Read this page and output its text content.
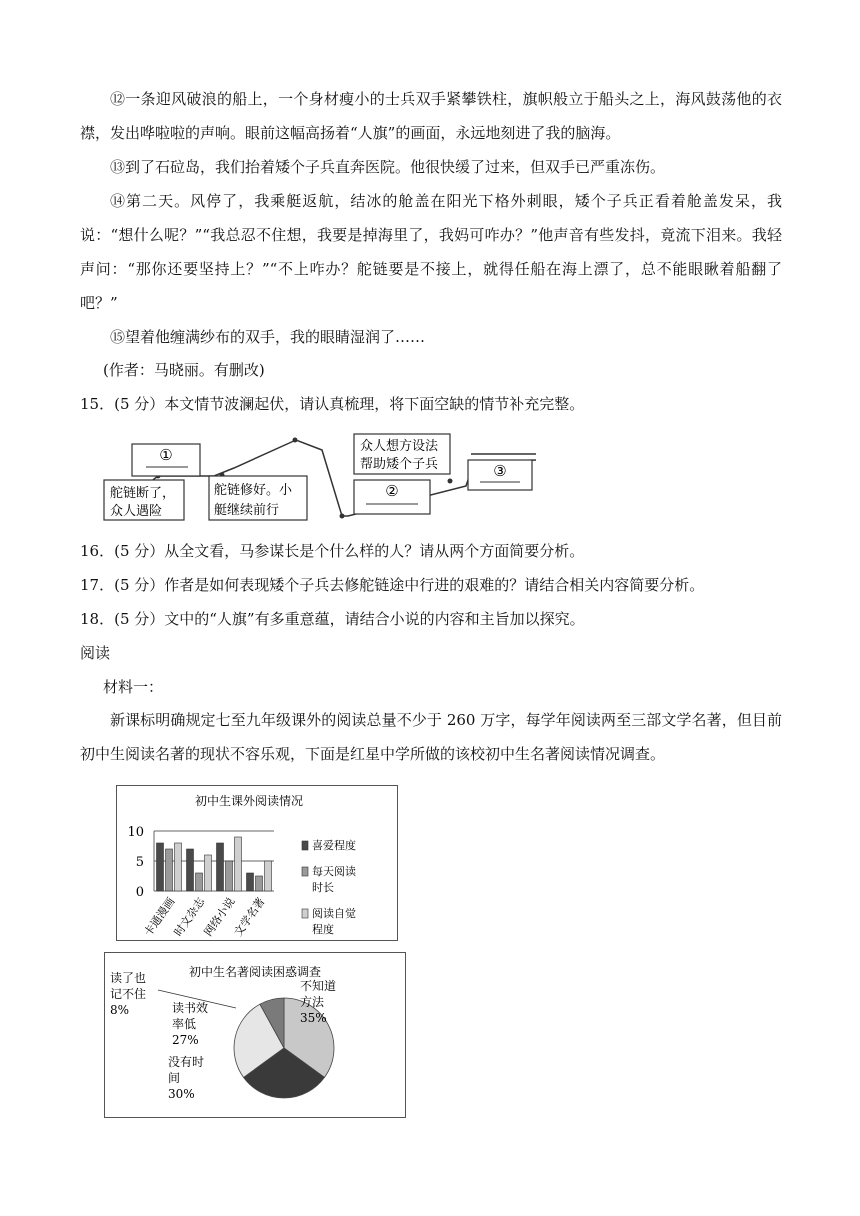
⑫一条迎风破浪的船上，一个身材瘦小的士兵双手紧攀铁柱，旗帜般立于船头之上，海风鼓荡他的衣襟，发出哗啦啦的声响。眼前这幅高扬着“人旗”的画面，永远地刻进了我的脑海。

⑬到了石砬岛，我们抬着矮个子兵直奔医院。他很快缓了过来，但双手已严重冻伤。

⑭第二天。风停了，我乘艇返航，结冰的舱盖在阳光下格外刺眼，矮个子兵正看着舱盖发呆，我说：“想什么呢？”“我总忍不住想，我要是掉海里了，我妈可咋办？”他声音有些发抖，竟流下泪来。我轻声问：“那你还要坚持上？”“不上咋办？舵链要是不接上，就得任船在海上漂了，总不能眼瞅着船翻了吧？”

⑮望着他缠满纱布的双手，我的眼睛湿润了……

(作者：马晓丽。有删改)

15．(5 分）本文情节波澜起伏，请认真梳理，将下面空缺的情节补充完整。

①
舵链断了，
众人遇险
舵链修好。小
艇继续前行
②
众人想方设法
帮助矮个子兵	③

16．(5 分）从全文看，马参谋长是个什么样的人？请从两个方面简要分析。

17．(5 分）作者是如何表现矮个子兵去修舵链途中行进的艰难的？请结合相关内容简要分析。

18．(5 分）文中的“人旗”有多重意蕴，请结合小说的内容和主旨加以探究。

阅读

材料一：

新课标明确规定七至九年级课外的阅读总量不少于 260 万字，每学年阅读两至三部文学名著，但目前初中生阅读名著的现状不容乐观，下面是红星中学所做的该校初中生名著阅读情况调查。

初中生课外阅读情况
10
5
0
卡通漫画
时文杂志
网络小说
文学名著
喜爱程度
每天阅读
时长
阅读自觉
程度
初中生名著阅读困惑调查
不知道
方法
35%
没有时
间
30%
读书效
率低
27%
读了也
记不住
8%
